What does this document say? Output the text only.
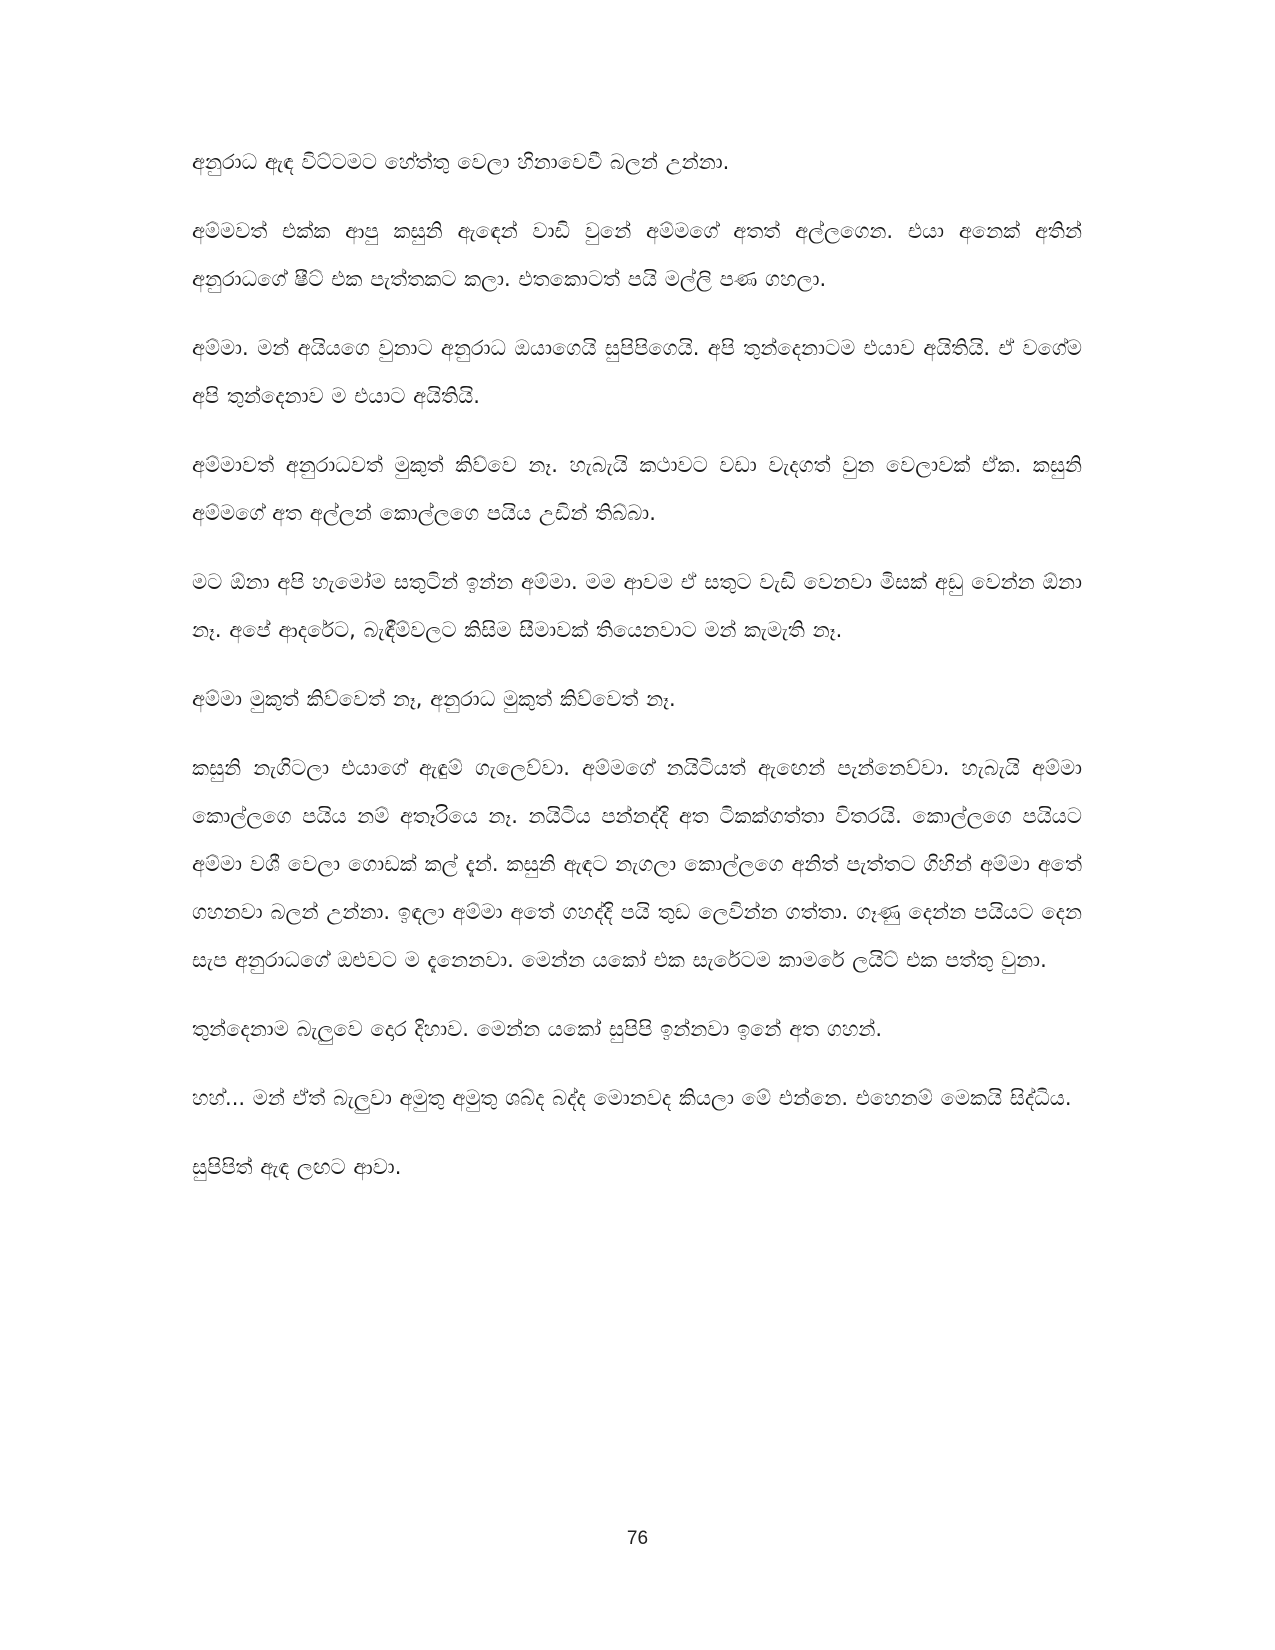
අනුරාධ ඇඳ විට්ටමට හේත්තු වෙලා හිනාවෙවී බලන් උන්නා.

අම්මවත් එක්ක ආපු කසුනි ඇඳෙන් වාඩි වුනේ අම්මගේ අතත් අල්ලගෙන. එයා අනෙක් අතින් අනුරාධගේ ෂීට් එක පැත්තකට කලා. එතකොටත් පයි මල්ලි පණ ගහලා.

අම්මා. මන් අයියගෙ වුනාට අනුරාධ ඔයාගෙයි සුපිපිගෙයි. අපි තුන්දෙනාටම එයාව අයිතියි. ඒ වගේම අපි තුන්දෙනාව ම එයාට අයිතියි.

අම්මාවත් අනුරාධවත් මුකුත් කිව්වෙ නෑ. හැබැයි කථාවට වඩා වැදගත් වුන වෙලාවක් ඒක. කසුනි අම්මගේ අත අල්ලන් කොල්ලගෙ පයිය උඩින් තිබ්බා.

මට ඕනා අපි හැමෝම සතුටින් ඉන්න අම්මා. මම ආවම ඒ සතුට වැඩි වෙනවා මිසක් අඩු වෙන්න ඕනා නෑ. අපේ ආදරේට, බැඳීම්වලට කිසිම සීමාවක් තියෙනවාට මන් කැමැති නෑ.

අම්මා මුකුත් කිව්වෙත් නෑ, අනුරාධ මුකුත් කිව්වෙත් නෑ.

කසුනි නැගිටලා එයාගේ ඇඳුම් ගැලෙව්වා. අම්මගේ නයිටියත් ඇඟෙන් පැන්නෙව්වා. හැබැයි අම්මා කොල්ලගෙ පයිය නම් අතෑරියෙ නෑ. නයිටිය පන්නද්දි අත ටිකක්ගත්තා විතරයි. කොල්ලගෙ පයියට අම්මා වශී වෙලා ගොඩක් කල් දැන්. කසුනි ඇඳට නැගලා කොල්ලගෙ අනිත් පැත්තට ගිහින් අම්මා අතේ ගහනවා බලන් උන්නා. ඉඳලා අම්මා අතේ ගහද්දි පයි තුඩ ලෙවින්න ගත්තා. ගෑණු දෙන්න පයියට දෙන සැප අනුරාධගේ ඔළුවට ම දැනෙනවා. මෙන්න යකෝ එක සැරේටම කාමරේ ලයිට් එක පත්තු වුනා.

තුන්දෙනාම බැලුවෙ දොර දිහාව. මෙන්න යකෝ සුපිපි ඉන්නවා ඉනේ අත ගහන්.

හහ්... මන් ඒත් බැලුවා අමුතු අමුතු ශබ්ද බද්ද මොනවද කියලා මේ එන්නෙ. එහෙනම් මෙකයි සිද්ධිය.

සුපිපිත් ඇඳ ලඟට ආවා.

76
